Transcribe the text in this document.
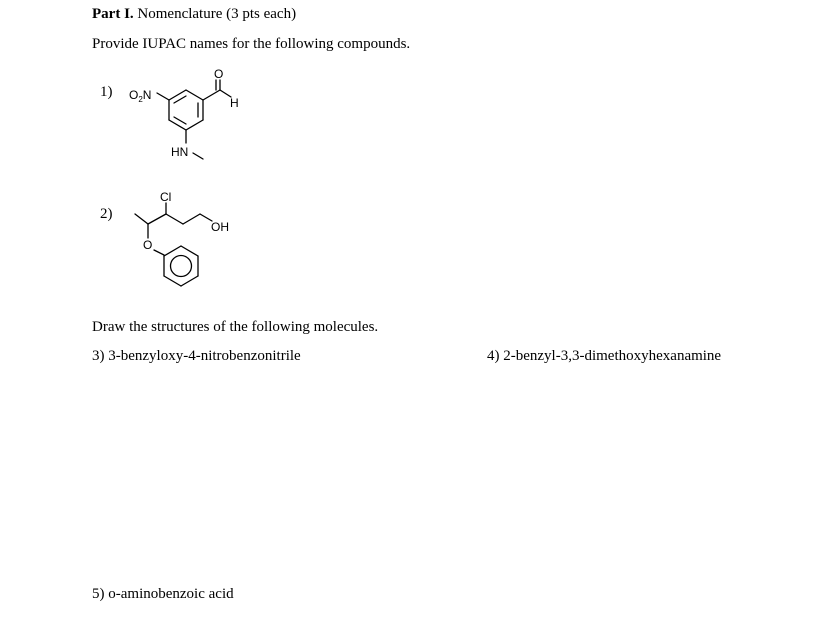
Part I. Nomenclature (3 pts each)
Provide IUPAC names for the following compounds.
1) $O_2N$
O
H
HN
2)
Cl
OH
O
Draw the structures of the following molecules.
3) 3-benzyloxy-4-nitrobenzonitrile	4) 2-benzyl-3,3-dimethoxyhexanamine
5) o-aminobenzoic acid
